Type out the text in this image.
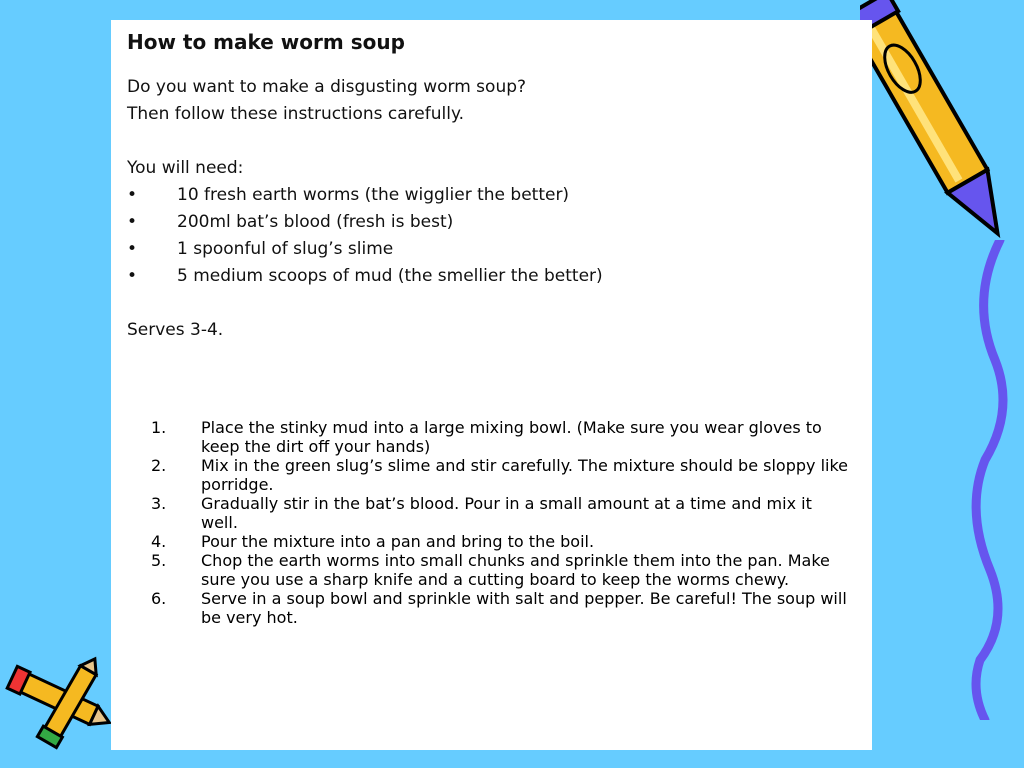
How to make worm soup
Do you want to make a disgusting worm soup?
Then follow these instructions carefully.
You will need:
•	10 fresh earth worms (the wigglier the better)
•	200ml bat’s blood (fresh is best)
•	1 spoonful of slug’s slime
•	5 medium scoops of mud (the smellier the better)
Serves 3-4.
1.	Place the stinky mud into a large mixing bowl. (Make sure you wear gloves to keep the dirt off your hands)
2.	Mix in the green slug’s slime and stir carefully. The mixture should be sloppy like porridge.
3.	Gradually stir in the bat’s blood. Pour in a small amount at a time and mix it well.
4.	Pour the mixture into a pan and bring to the boil.
5.	Chop the earth worms into small chunks and sprinkle them into the pan. Make sure you use a sharp knife and a cutting board to keep the worms chewy.
6.	Serve in a soup bowl and sprinkle with salt and pepper. Be careful! The soup will be very hot.
